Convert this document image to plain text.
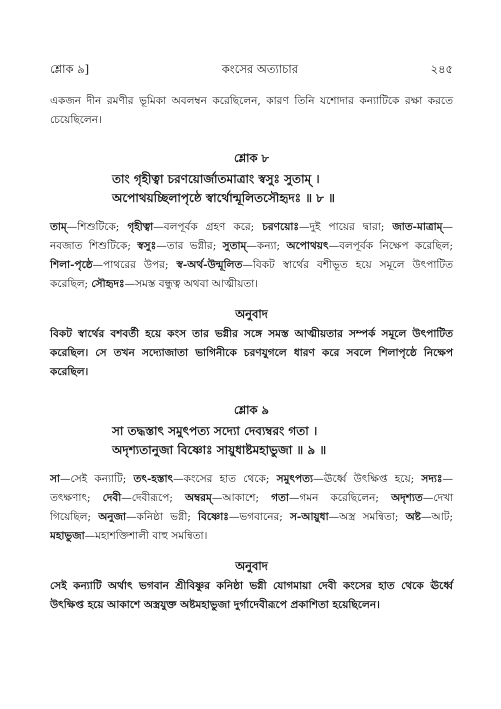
শ্লোক ৯]	কংসের অত্যাচার	২৪৫

একজন দীন রমণীর ভূমিকা অবলম্বন করেছিলেন, কারণ তিনি যশোদার কন্যাটিকে রক্ষা করতে চেয়েছিলেন।

শ্লোক ৮
তাং গৃহীত্বা চরণয়োর্জাতমাত্রাং স্বসুঃ সুতাম্ ।
অপোথয়চ্ছিলাপৃষ্ঠে স্বার্থোন্মূলিতসৌহৃদঃ ॥ ৮ ॥

তাম্—শিশুটিকে; গৃহীত্বা—বলপূর্বক গ্রহণ করে; চরণয়োঃ—দুই পায়ের দ্বারা; জাত-মাত্রাম্—নবজাত শিশুটিকে; স্বসুঃ—তার ভগ্নীর; সুতাম্—কন্যা; অপোথয়ৎ—বলপূর্বক নিক্ষেপ করেছিল; শিলা-পৃষ্ঠে—পাথরের উপর; স্ব-অর্থ-উন্মূলিত—বিকট স্বার্থের বশীভূত হয়ে সমূলে উৎপাটিত করেছিল; সৌহৃদঃ—সমস্ত বন্ধুত্ব অথবা আত্মীয়তা।

অনুবাদ

বিকট স্বার্থের বশবর্তী হয়ে কংস তার ভগ্নীর সঙ্গে সমস্ত আত্মীয়তার সম্পর্ক সমূলে উৎপাটিত করেছিল। সে তখন সদ্যোজাতা ভাগিনীকে চরণযুগলে ধারণ করে সবলে শিলাপৃষ্ঠে নিক্ষেপ করেছিল।

শ্লোক ৯
সা তদ্ধস্তাৎ সমুৎপত্য সদ্যো দেব্যম্বরং গতা ।
অদৃশ্যতানুজা বিষ্ণোঃ সায়ুধাষ্টমহাভুজা ॥ ৯ ॥

সা—সেই কন্যাটি; তৎ-হস্তাৎ—কংসের হাত থেকে; সমুৎপত্য—ঊর্ধ্বে উৎক্ষিপ্ত হয়ে; সদ্যঃ—তৎক্ষণাৎ; দেবী—দেবীরূপে; অম্বরম্—আকাশে; গতা—গমন করেছিলেন; অদৃশ্যত—দেখা গিয়েছিল; অনুজা—কনিষ্ঠা ভগ্নী; বিষ্ণোঃ—ভগবানের; স-আয়ুধা—অস্ত্র সমন্বিতা; অষ্ট—আট; মহাভুজা—মহাশক্তিশালী বাহু সমন্বিতা।

অনুবাদ

সেই কন্যাটি অর্থাৎ ভগবান শ্রীবিষ্ণুর কনিষ্ঠা ভগ্নী যোগমায়া দেবী কংসের হাত থেকে ঊর্ধ্বে উৎক্ষিপ্ত হয়ে আকাশে অস্ত্রযুক্ত অষ্টমহাভুজা দুর্গাদেবীরূপে প্রকাশিতা হয়েছিলেন।
